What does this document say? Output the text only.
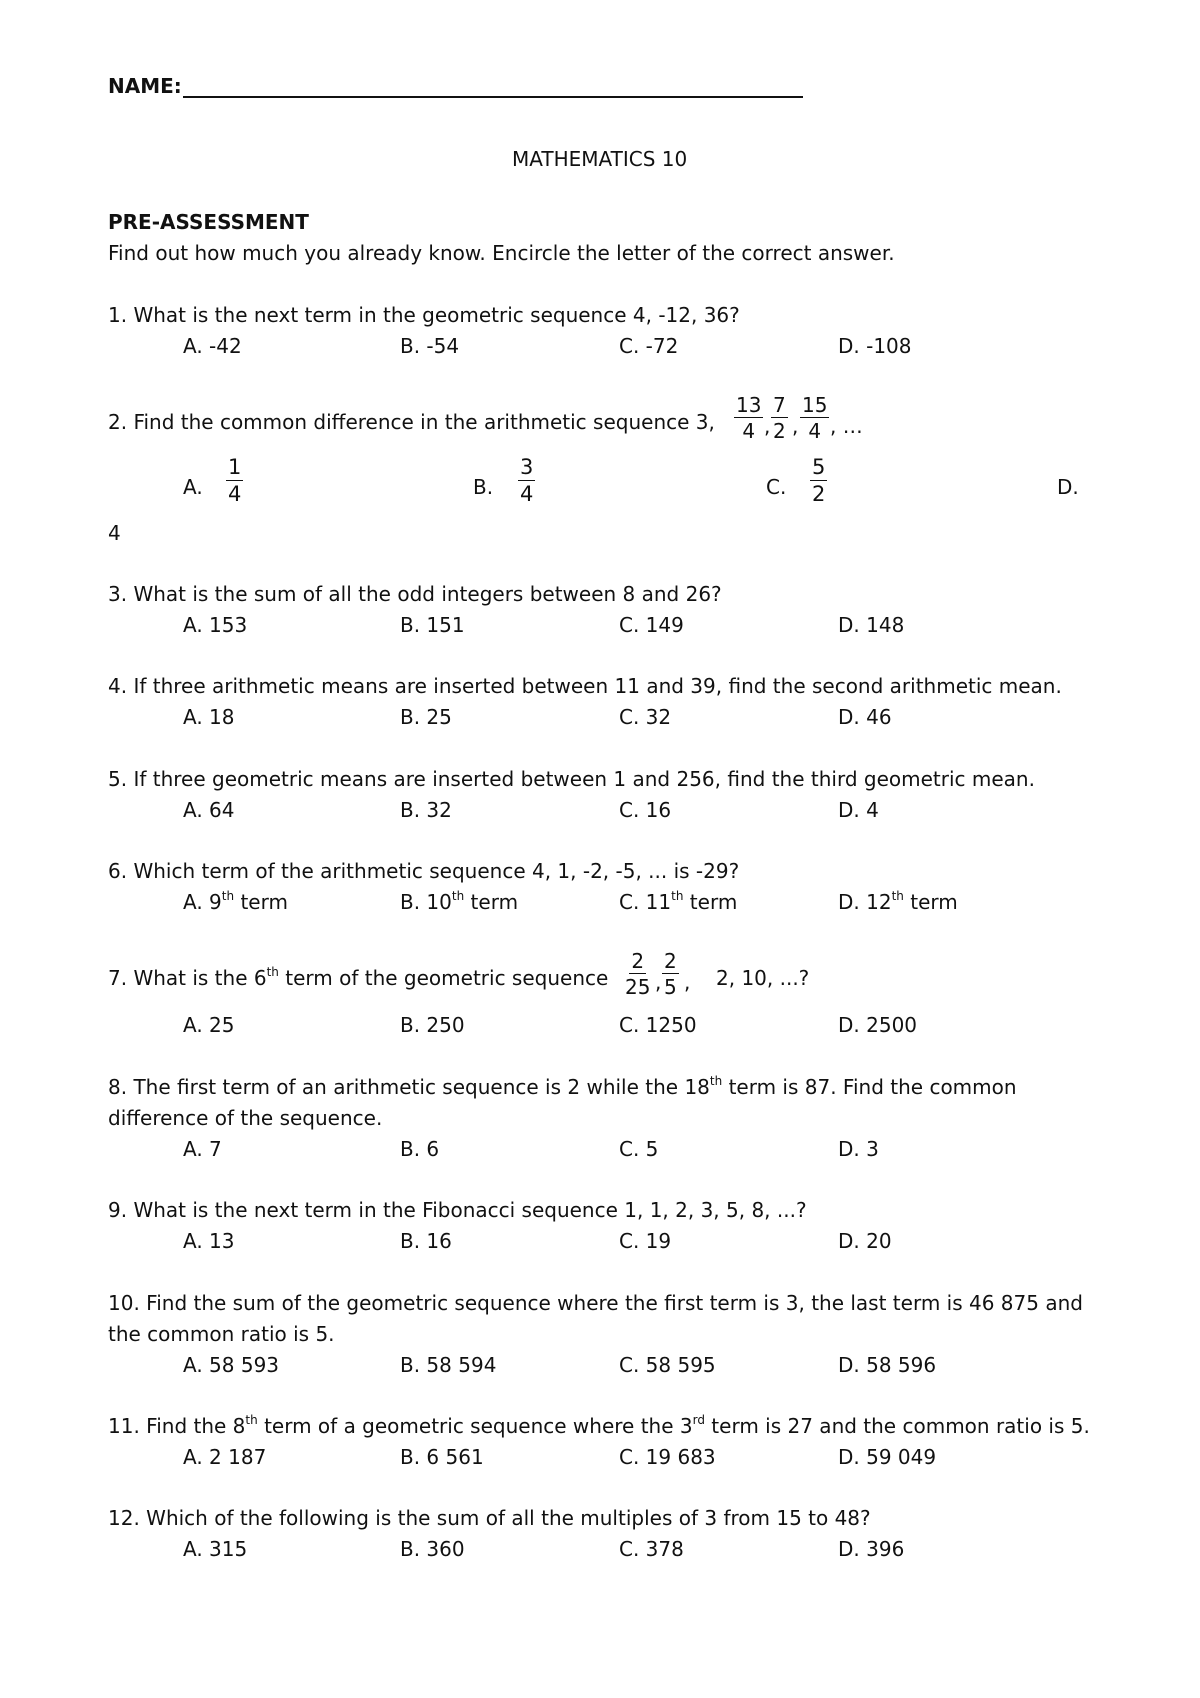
NAME:
MATHEMATICS 10
PRE-ASSESSMENT
Find out how much you already know. Encircle the letter of the correct answer.
1. What is the next term in the geometric sequence 4, -12, 36?
A. -42	B. -54	C. -72	D. -108
2. Find the common difference in the arithmetic sequence 3, $\frac{13}{4}$ , $\frac{7}{2}$ , $\frac{15}{4}$ , …
A. $\frac{1}{4}$	B. $\frac{3}{4}$	C. $\frac{5}{2}$	D.
4
3. What is the sum of all the odd integers between 8 and 26?
A. 153	B. 151	C. 149	D. 148
4. If three arithmetic means are inserted between 11 and 39, find the second arithmetic mean.
A. 18	B. 25	C. 32	D. 46
5. If three geometric means are inserted between 1 and 256, find the third geometric mean.
A. 64	B. 32	C. 16	D. 4
6. Which term of the arithmetic sequence 4, 1, -2, -5, ... is -29?
A. 9th term	B. 10th term	C. 11th term	D. 12th term
7. What is the 6th term of the geometric sequence $\frac{2}{25}$ , $\frac{2}{5}$ , 2, 10, ...?
A. 25	B. 250	C. 1250	D. 2500
8. The first term of an arithmetic sequence is 2 while the 18th term is 87. Find the common
difference of the sequence.
A. 7	B. 6	C. 5	D. 3
9. What is the next term in the Fibonacci sequence 1, 1, 2, 3, 5, 8, ...?
A. 13	B. 16	C. 19	D. 20
10. Find the sum of the geometric sequence where the first term is 3, the last term is 46 875 and
the common ratio is 5.
A. 58 593	B. 58 594	C. 58 595	D. 58 596
11. Find the 8th term of a geometric sequence where the 3rd term is 27 and the common ratio is 5.
A. 2 187	B. 6 561	C. 19 683	D. 59 049
12. Which of the following is the sum of all the multiples of 3 from 15 to 48?
A. 315	B. 360	C. 378	D. 396
